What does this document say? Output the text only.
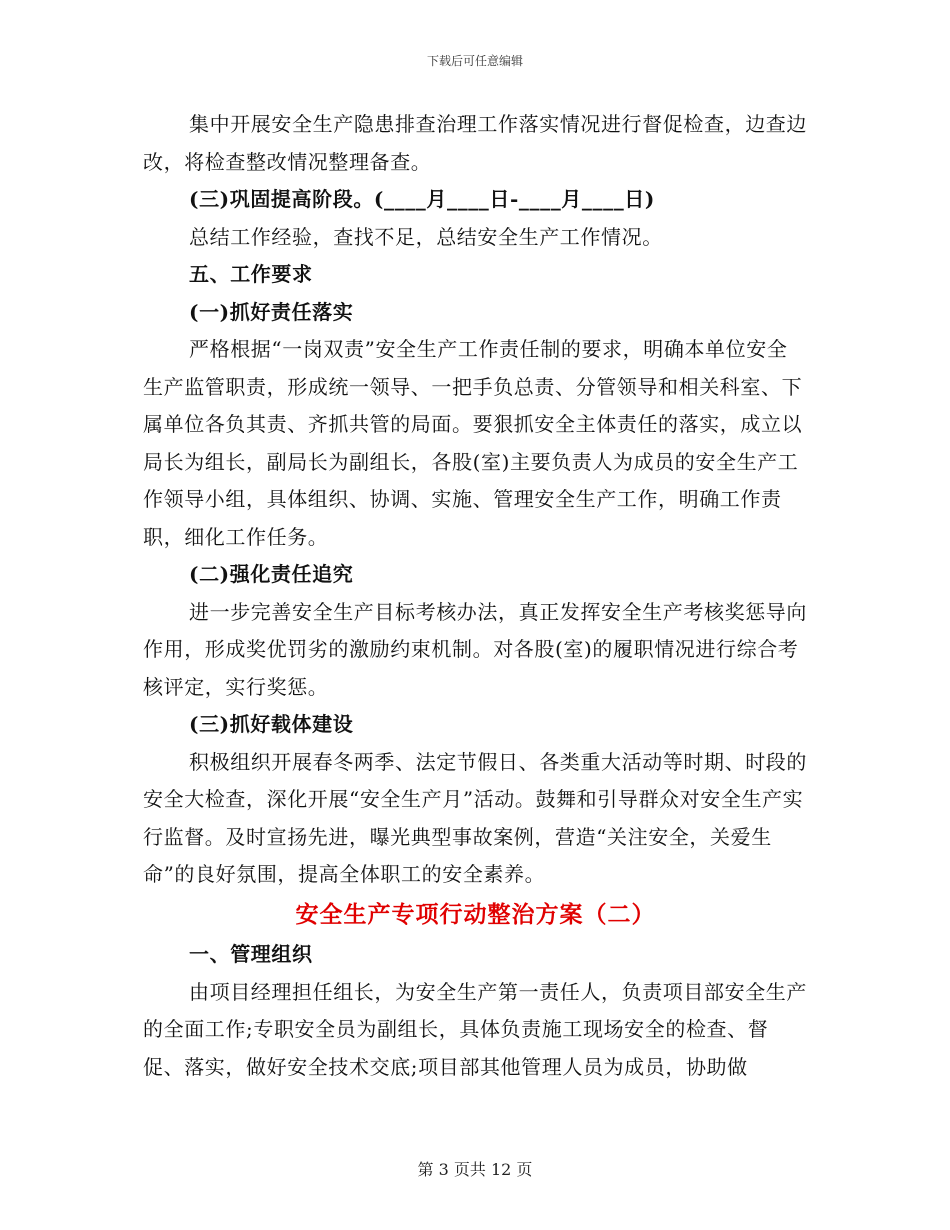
下载后可任意编辑

集中开展安全生产隐患排查治理工作落实情况进行督促检查，边查边改，将检查整改情况整理备查。

(三)巩固提高阶段。(____月____日-____月____日)

总结工作经验，查找不足，总结安全生产工作情况。

五、工作要求

(一)抓好责任落实

严格根据“一岗双责”安全生产工作责任制的要求，明确本单位安全生产监管职责，形成统一领导、一把手负总责、分管领导和相关科室、下属单位各负其责、齐抓共管的局面。要狠抓安全主体责任的落实，成立以局长为组长，副局长为副组长，各股(室)主要负责人为成员的安全生产工作领导小组，具体组织、协调、实施、管理安全生产工作，明确工作责职，细化工作任务。

(二)强化责任追究

进一步完善安全生产目标考核办法，真正发挥安全生产考核奖惩导向作用，形成奖优罚劣的激励约束机制。对各股(室)的履职情况进行综合考核评定，实行奖惩。

(三)抓好载体建设

积极组织开展春冬两季、法定节假日、各类重大活动等时期、时段的安全大检查，深化开展“安全生产月”活动。鼓舞和引导群众对安全生产实行监督。及时宣扬先进，曝光典型事故案例，营造“关注安全，关爱生命”的良好氛围，提高全体职工的安全素养。

安全生产专项行动整治方案（二）

一、管理组织

由项目经理担任组长，为安全生产第一责任人，负责项目部安全生产的全面工作;专职安全员为副组长，具体负责施工现场安全的检查、督促、落实，做好安全技术交底;项目部其他管理人员为成员，协助做

第 3 页共 12 页
